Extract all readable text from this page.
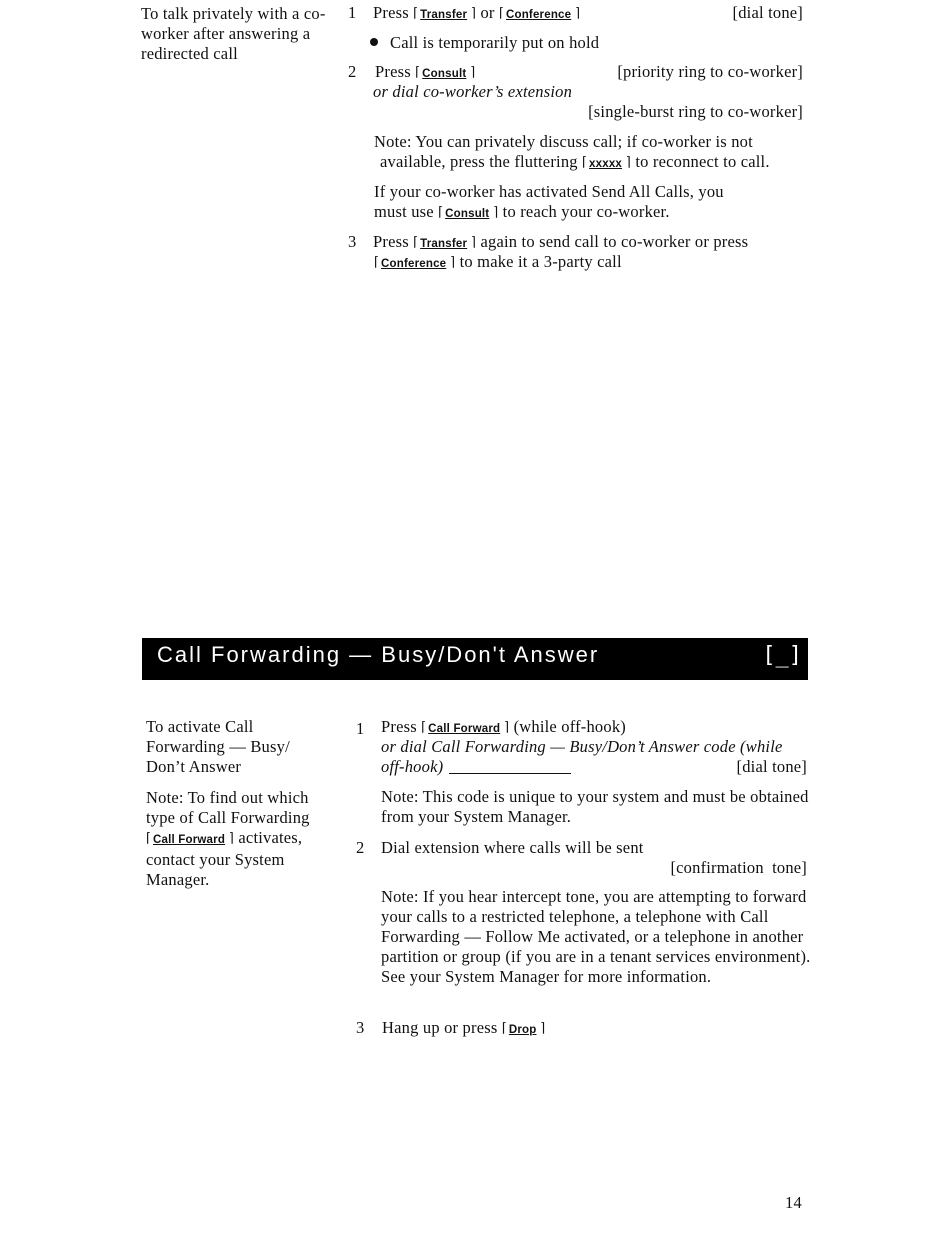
To talk privately with a co-worker after answering a redirected call
1 Press ⌈ Transfer ⌉ or ⌈ Conference ⌉	[dial tone]
Call is temporarily put on hold
2 Press ⌈ Consult ⌉	[priority ring to co-worker]
or dial co-worker’s extension
[single-burst ring to co-worker]
Note: You can privately discuss call; if co-worker is not
available, press the fluttering ⌈ xxxxx ⌉ to reconnect to call.
If your co-worker has activated Send All Calls, you
must use ⌈ Consult ⌉ to reach your co-worker.
3 Press ⌈ Transfer ⌉ again to send call to co-worker or press
⌈ Conference ⌉ to make it a 3-party call
Call Forwarding — Busy/Don't Answer	[_]
To activate Call Forwarding — Busy/ Don’t Answer
Note: To find out which type of Call Forwarding ⌈ Call Forward ⌉ activates, contact your System Manager.
1 Press ⌈ Call Forward ⌉ (while off-hook)
or dial Call Forwarding — Busy/Don’t Answer code (while
off-hook)	[dial tone]
Note: This code is unique to your system and must be obtained from your System Manager.
2 Dial extension where calls will be sent
[confirmation tone]
Note: If you hear intercept tone, you are attempting to forward your calls to a restricted telephone, a telephone with Call Forwarding — Follow Me activated, or a telephone in another partition or group (if you are in a tenant services environment). See your System Manager for more information.
3 Hang up or press ⌈ Drop ⌉
14
